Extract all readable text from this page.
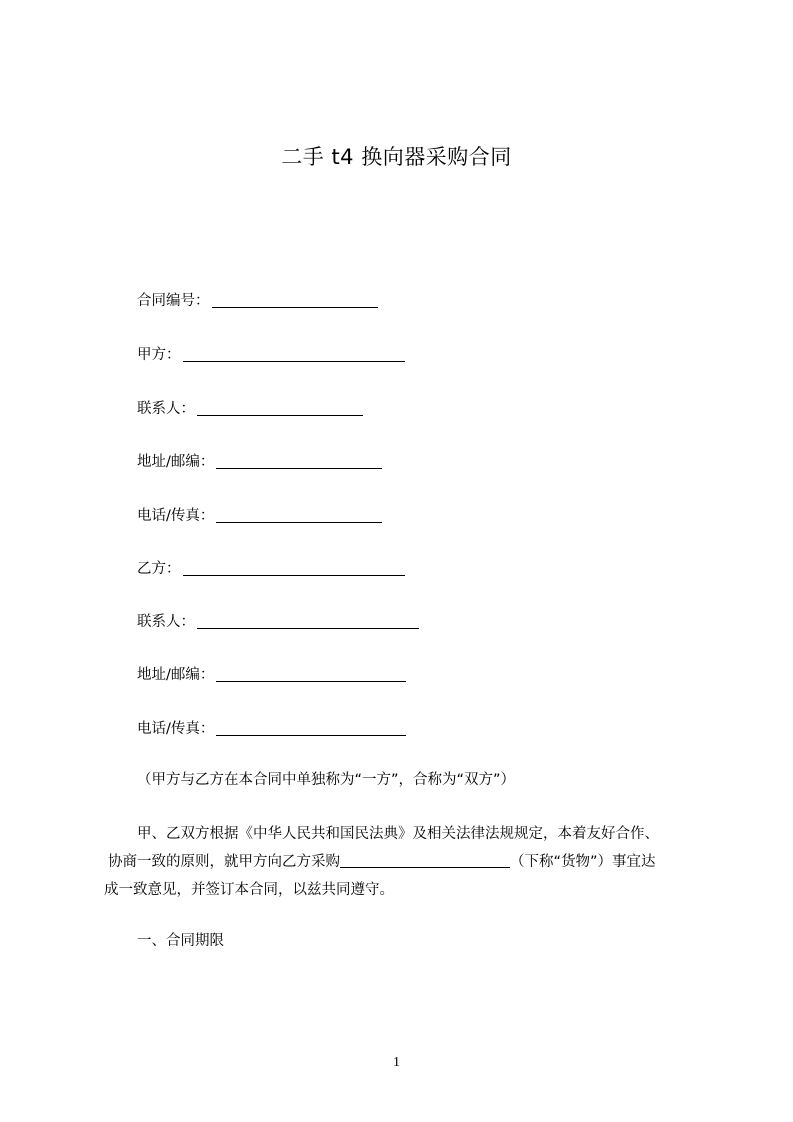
二手 t4 换向器采购合同
合同编号：
甲方：
联系人：
地址/邮编：
电话/传真：
乙方：
联系人：
地址/邮编：
电话/传真：
（甲方与乙方在本合同中单独称为“一方”，合称为“双方”）
甲、乙双方根据《中华人民共和国民法典》及相关法律法规规定，本着友好合作、
协商一致的原则，就甲方向乙方采购	（下称“货物”）事宜达
成一致意见，并签订本合同，以兹共同遵守。
一、合同期限
1
